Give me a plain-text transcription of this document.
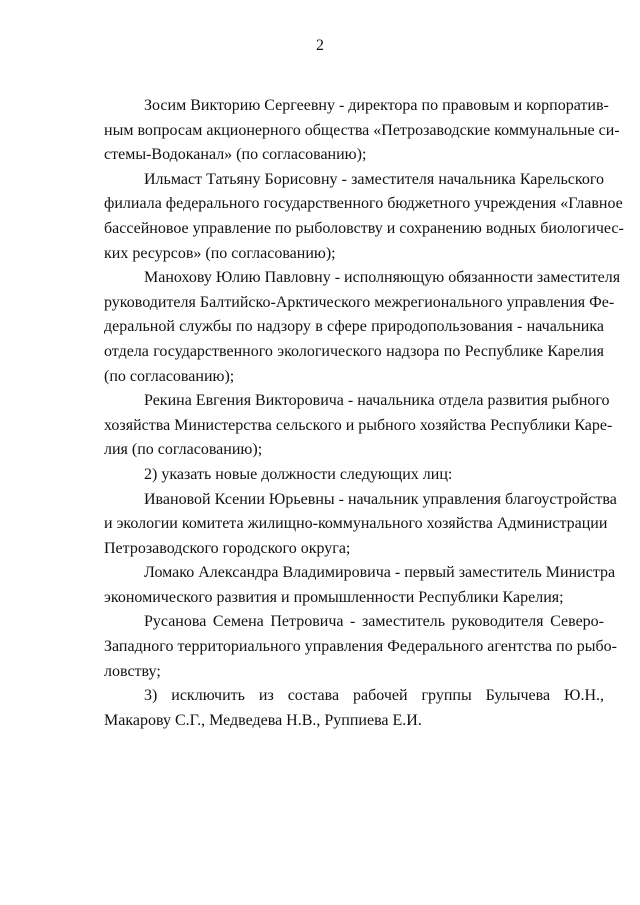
2
Зосим Викторию Сергеевну - директора по правовым и корпоратив-
ным вопросам акционерного общества «Петрозаводские коммунальные си-
стемы-Водоканал» (по согласованию);
Ильмаст Татьяну Борисовну - заместителя начальника Карельского
филиала федерального государственного бюджетного учреждения «Главное
бассейновое управление по рыболовству и сохранению водных биологичес-
ких ресурсов» (по согласованию);
Манохову Юлию Павловну - исполняющую обязанности заместителя
руководителя Балтийско-Арктического межрегионального управления Фе-
деральной службы по надзору в сфере природопользования - начальника
отдела государственного экологического надзора по Республике Карелия
(по согласованию);
Рекина Евгения Викторовича - начальника отдела развития рыбного
хозяйства Министерства сельского и рыбного хозяйства Республики Каре-
лия (по согласованию);
2) указать новые должности следующих лиц:
Ивановой Ксении Юрьевны - начальник управления благоустройства
и экологии комитета жилищно-коммунального хозяйства Администрации
Петрозаводского городского округа;
Ломако Александра Владимировича - первый заместитель Министра
экономического развития и промышленности Республики Карелия;
Русанова Семена Петровича - заместитель руководителя Северо-
Западного территориального управления Федерального агентства по рыбо-
ловству;
3) исключить из состава рабочей группы Булычева Ю.Н.,
Макарову С.Г., Медведева Н.В., Руппиева Е.И.
